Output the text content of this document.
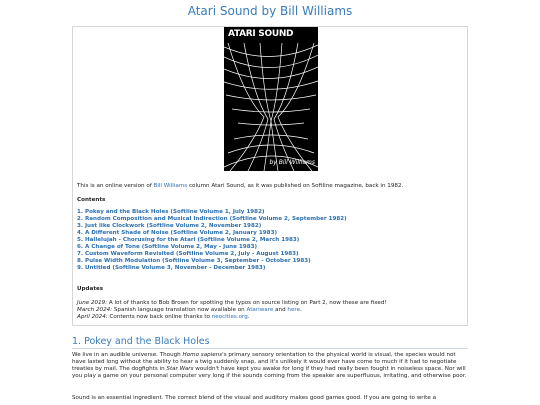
Atari Sound by Bill Williams
ATARI SOUND
by Bill Williams
This is an online version of Bill Williams column Atari Sound, as it was published on Softline magazine, back in 1982.
Contents
1. Pokey and the Black Holes (Softline Volume 1, July 1982)
2. Random Composition and Musical Indirection (Softline Volume 2, September 1982)
3. Just like Clockwork (Softline Volume 2, November 1982)
4. A Different Shade of Noise (Softline Volume 2, January 1983)
5. Hallelujah - Chorusing for the Atari (Softline Volume 2, March 1983)
6. A Change of Tone (Softline Volume 2, May - June 1983)
7. Custom Waveform Revisited (Softline Volume 2, July - August 1983)
8. Pulse Width Modulation (Softline Volume 3, September - October 1983)
9. Untitled (Softline Volume 3, November - December 1983)
Updates
June 2019: A lot of thanks to Bob Brown for spotting the typos on source listing on Part 2, now these are fixed!
March 2024: Spanish language translation now available on Atariware and here.
April 2024: Contents now back online thanks to neocities.org.
1. Pokey and the Black Holes
We live in an audible universe. Though Homo sapiens's primary sensory orientation to the physical world is visual, the species would not have lasted long without the ability to hear a twig suddenly snap, and it's unlikely it would ever have come to much if it had to negotiate treaties by mail. The dogfights in Star Wars wouldn't have kept you awake for long if they had really been fought in noiseless space. Nor will you play a game on your personal computer very long if the sounds coming from the speaker are superfluous, irritating, and otherwise poor.
Sound is an essential ingredient. The correct blend of the visual and auditory makes good games good. If you are going to write a
